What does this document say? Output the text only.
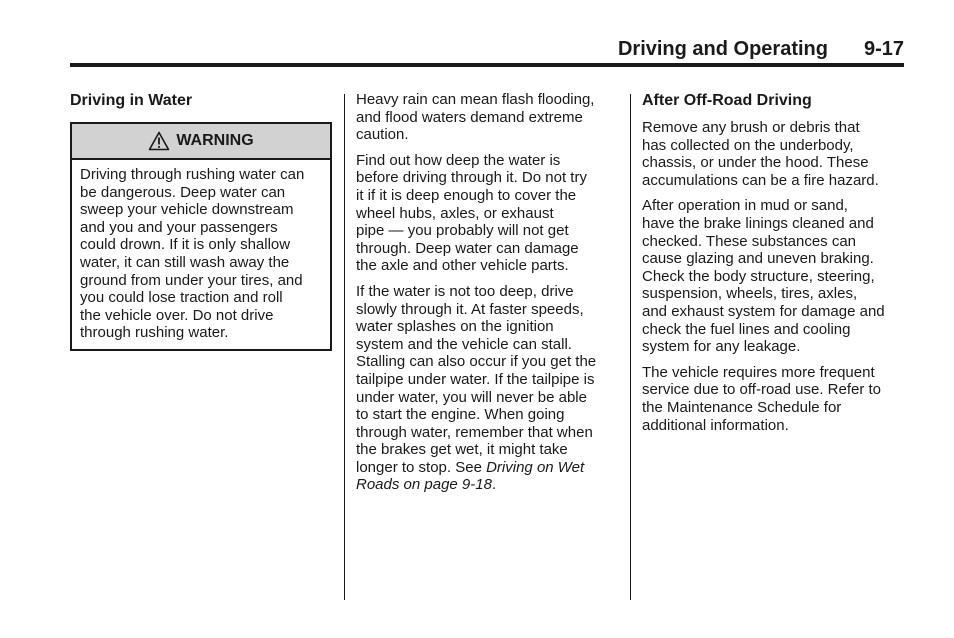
Driving and Operating 9-17
Driving in Water
WARNING
Driving through rushing water can
be dangerous. Deep water can
sweep your vehicle downstream
and you and your passengers
could drown. If it is only shallow
water, it can still wash away the
ground from under your tires, and
you could lose traction and roll
the vehicle over. Do not drive
through rushing water.

Heavy rain can mean flash flooding,
and flood waters demand extreme
caution.

Find out how deep the water is
before driving through it. Do not try
it if it is deep enough to cover the
wheel hubs, axles, or exhaust
pipe — you probably will not get
through. Deep water can damage
the axle and other vehicle parts.

If the water is not too deep, drive
slowly through it. At faster speeds,
water splashes on the ignition
system and the vehicle can stall.
Stalling can also occur if you get the
tailpipe under water. If the tailpipe is
under water, you will never be able
to start the engine. When going
through water, remember that when
the brakes get wet, it might take
longer to stop. See Driving on Wet
Roads on page 9-18.

After Off-Road Driving

Remove any brush or debris that
has collected on the underbody,
chassis, or under the hood. These
accumulations can be a fire hazard.

After operation in mud or sand,
have the brake linings cleaned and
checked. These substances can
cause glazing and uneven braking.
Check the body structure, steering,
suspension, wheels, tires, axles,
and exhaust system for damage and
check the fuel lines and cooling
system for any leakage.

The vehicle requires more frequent
service due to off-road use. Refer to
the Maintenance Schedule for
additional information.
